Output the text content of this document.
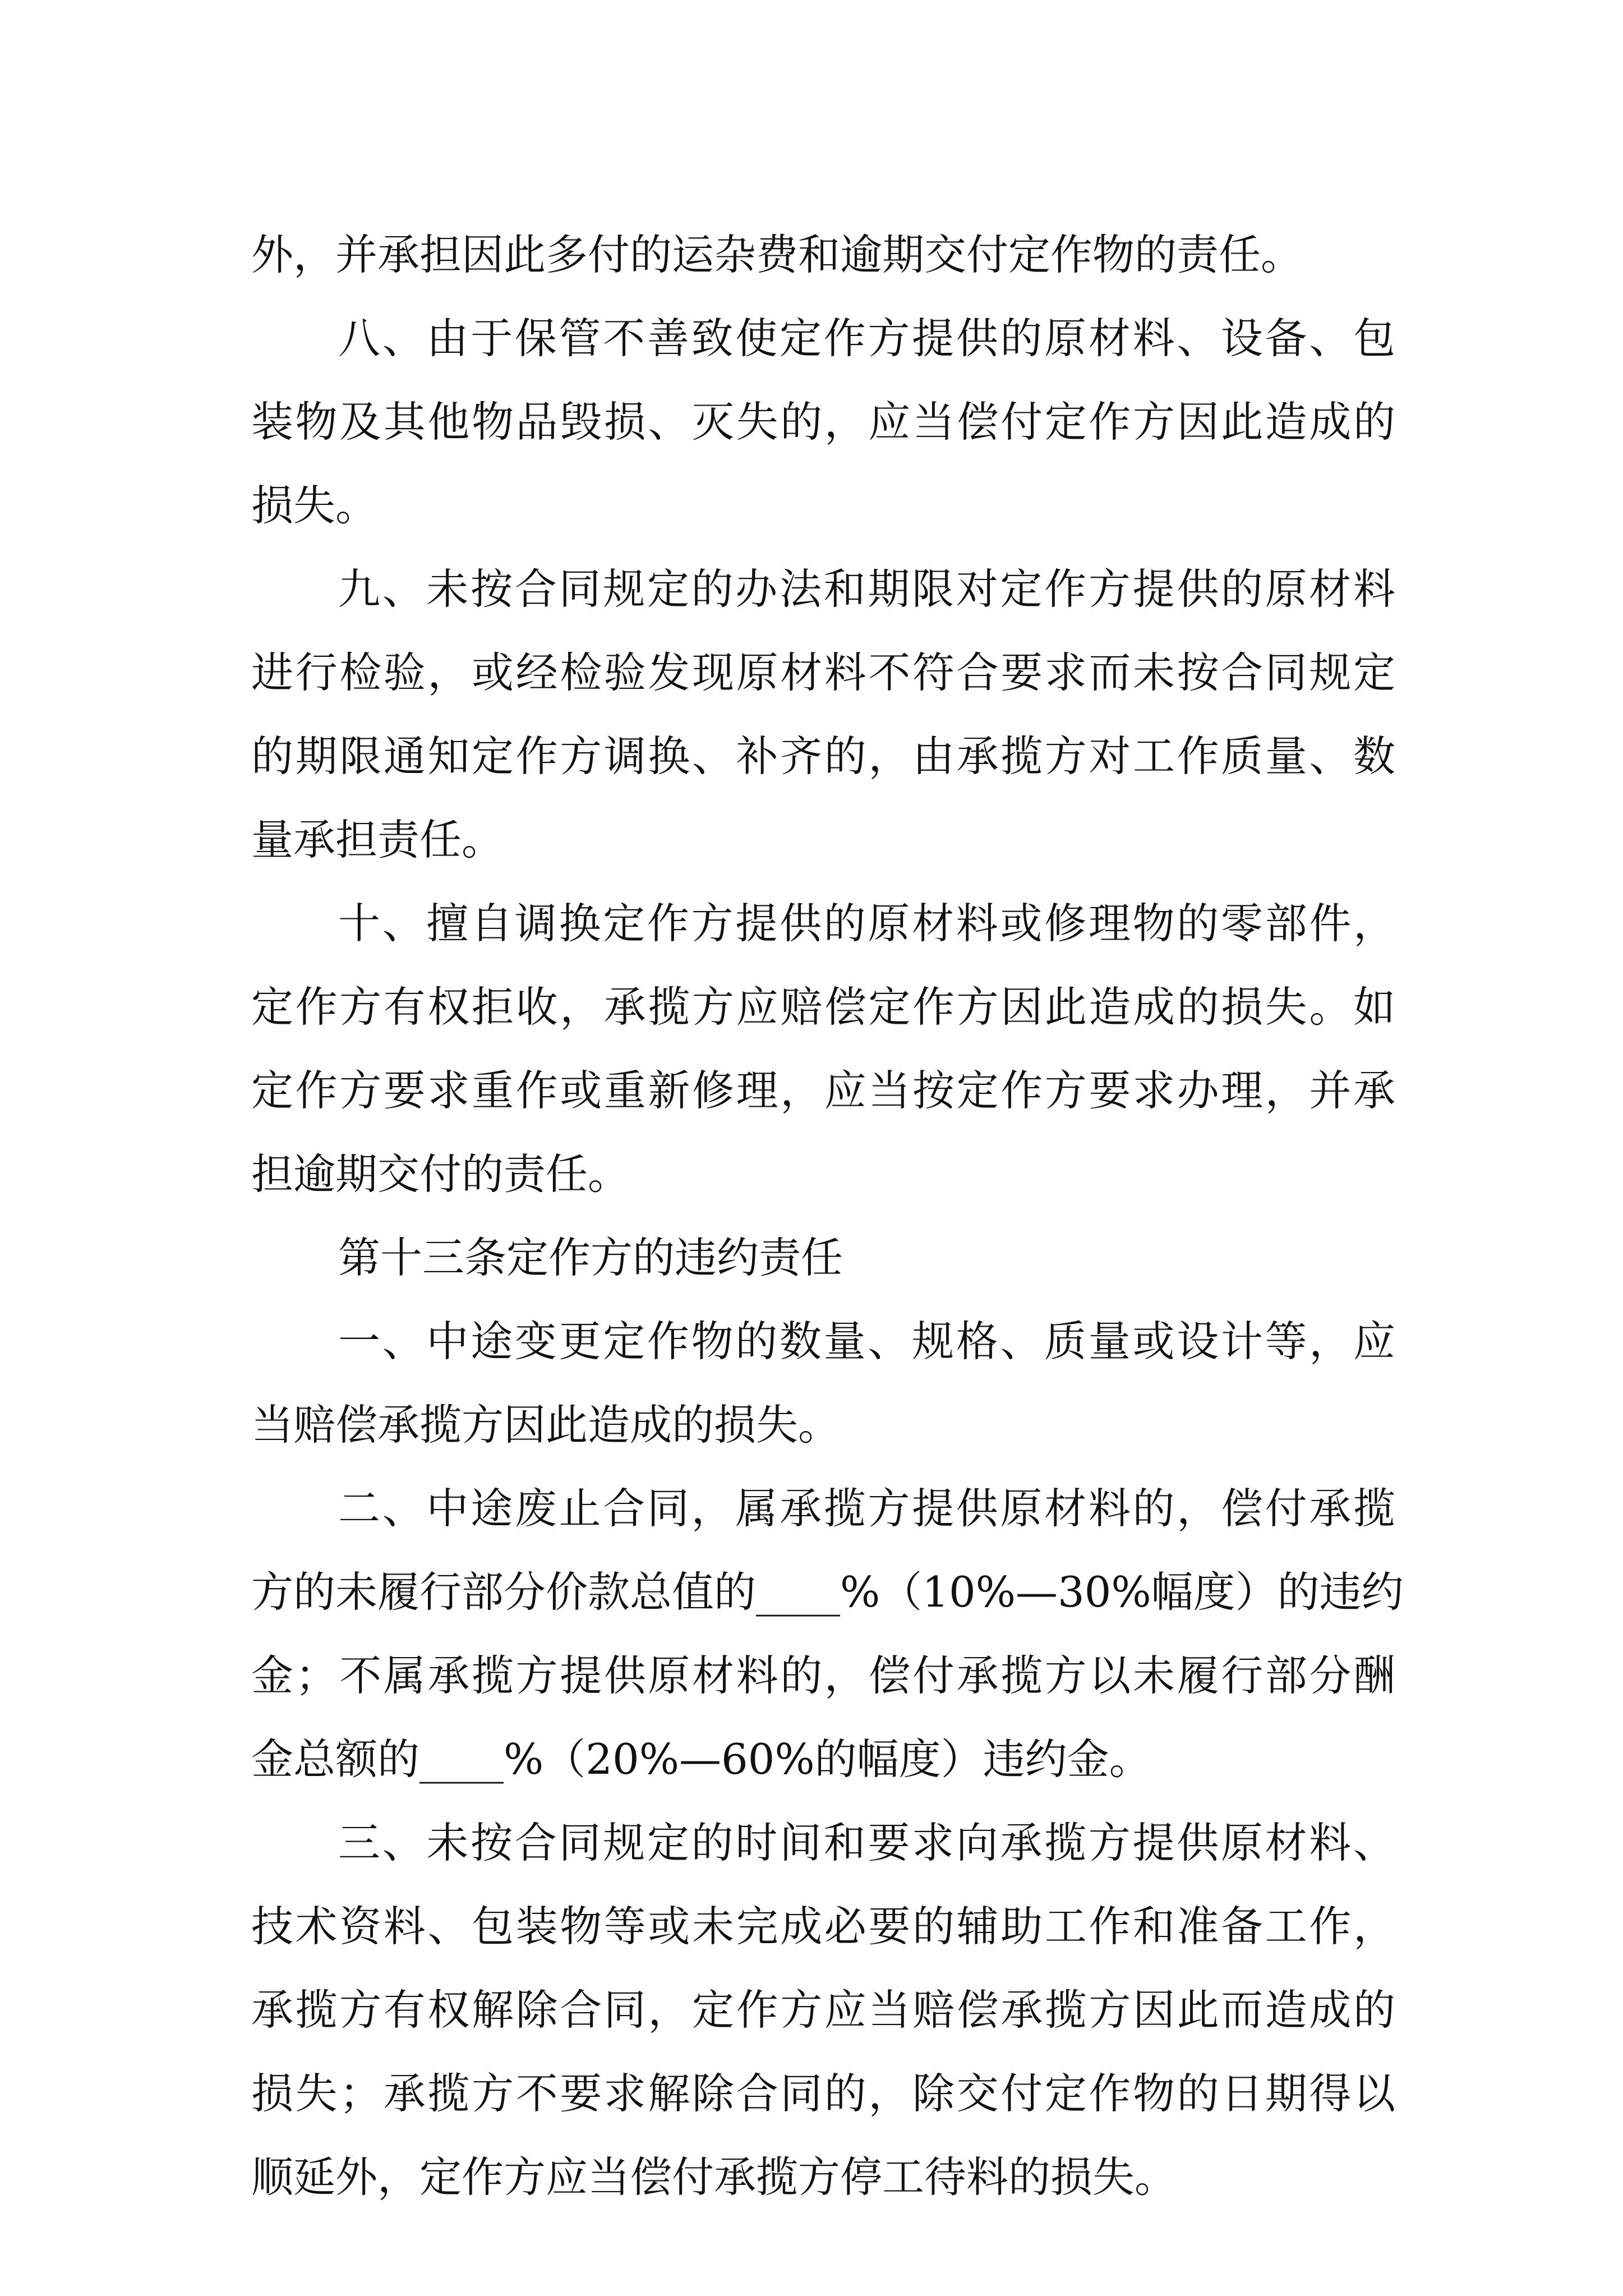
外，并承担因此多付的运杂费和逾期交付定作物的责任。
八、由于保管不善致使定作方提供的原材料、设备、包
装物及其他物品毁损、灭失的，应当偿付定作方因此造成的
损失。
九、未按合同规定的办法和期限对定作方提供的原材料
进行检验，或经检验发现原材料不符合要求而未按合同规定
的期限通知定作方调换、补齐的，由承揽方对工作质量、数
量承担责任。
十、擅自调换定作方提供的原材料或修理物的零部件，
定作方有权拒收，承揽方应赔偿定作方因此造成的损失。如
定作方要求重作或重新修理，应当按定作方要求办理，并承
担逾期交付的责任。
第十三条定作方的违约责任
一、中途变更定作物的数量、规格、质量或设计等，应
当赔偿承揽方因此造成的损失。
二、中途废止合同，属承揽方提供原材料的，偿付承揽
方的未履行部分价款总值的____%（10%—30%幅度）的违约
金；不属承揽方提供原材料的，偿付承揽方以未履行部分酬
金总额的____%（20%—60%的幅度）违约金。
三、未按合同规定的时间和要求向承揽方提供原材料、
技术资料、包装物等或未完成必要的辅助工作和准备工作，
承揽方有权解除合同，定作方应当赔偿承揽方因此而造成的
损失；承揽方不要求解除合同的，除交付定作物的日期得以
顺延外，定作方应当偿付承揽方停工待料的损失。
